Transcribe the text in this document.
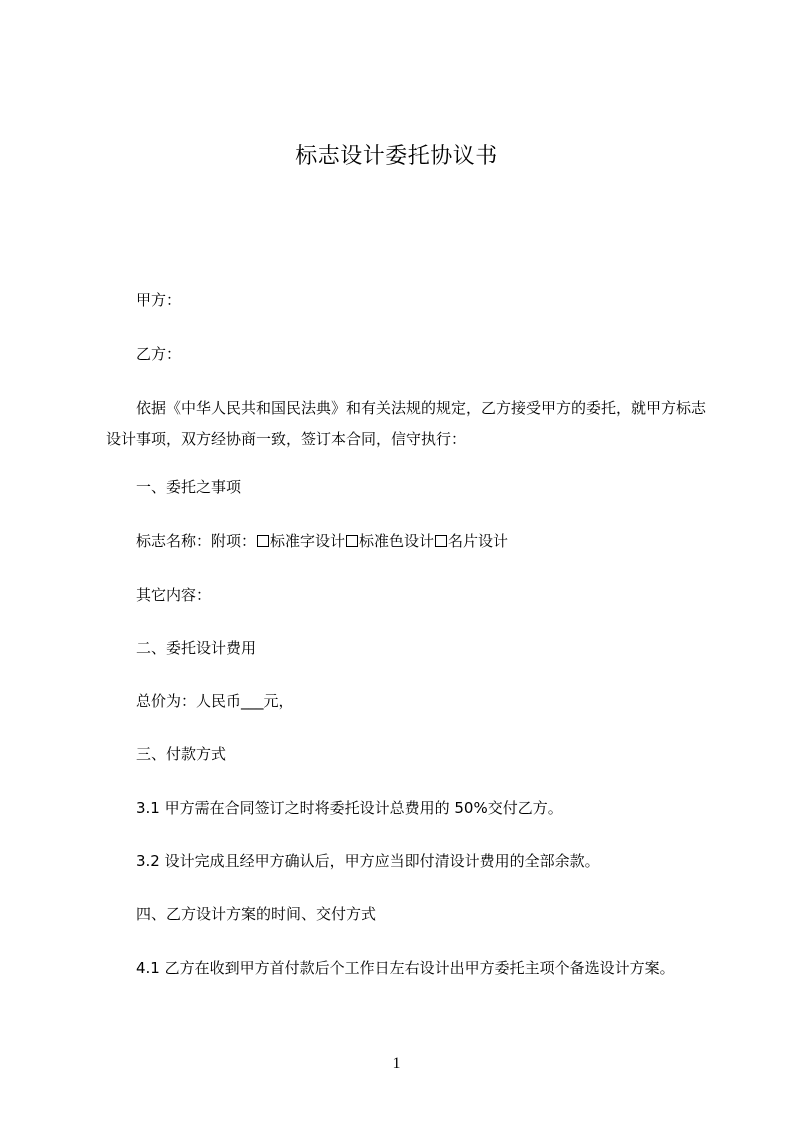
标志设计委托协议书
甲方：
乙方：
依据《中华人民共和国民法典》和有关法规的规定，乙方接受甲方的委托，就甲方标志设计事项，双方经协商一致，签订本合同，信守执行：
一、委托之事项
标志名称：附项： 标准字设计 标准色设计 名片设计
其它内容：
二、委托设计费用
总价为：人民币___元，
三、付款方式
3.1 甲方需在合同签订之时将委托设计总费用的 50%交付乙方。
3.2 设计完成且经甲方确认后，甲方应当即付清设计费用的全部余款。
四、乙方设计方案的时间、交付方式
4.1 乙方在收到甲方首付款后个工作日左右设计出甲方委托主项个备选设计方案。
1
